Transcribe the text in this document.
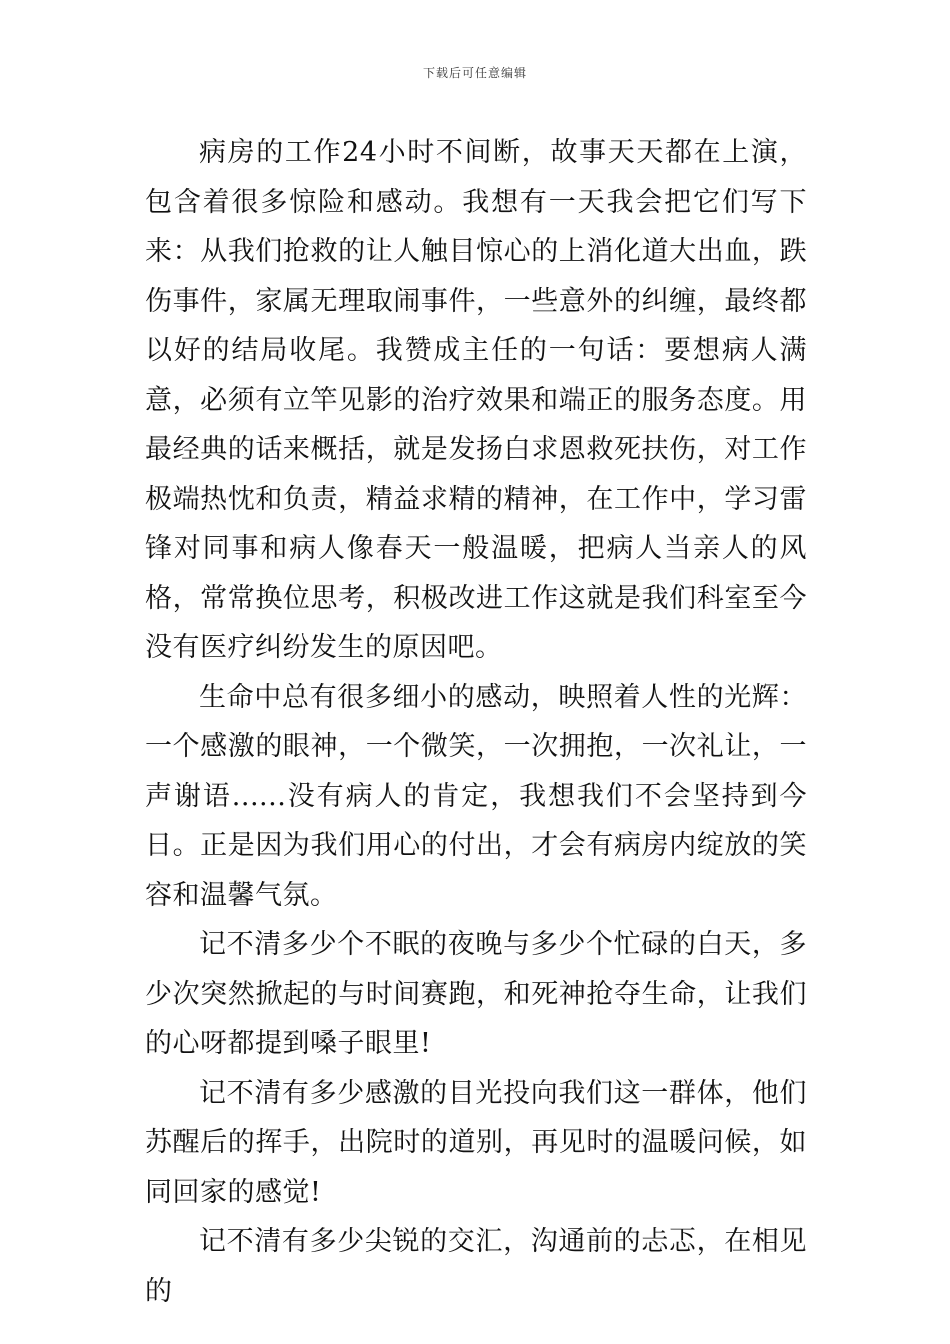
下载后可任意编辑

病房的工作24小时不间断，故事天天都在上演，包含着很多惊险和感动。我想有一天我会把它们写下来：从我们抢救的让人触目惊心的上消化道大出血，跌伤事件，家属无理取闹事件，一些意外的纠缠，最终都以好的结局收尾。我赞成主任的一句话：要想病人满意，必须有立竿见影的治疗效果和端正的服务态度。用最经典的话来概括，就是发扬白求恩救死扶伤，对工作极端热忱和负责，精益求精的精神，在工作中，学习雷锋对同事和病人像春天一般温暖，把病人当亲人的风格，常常换位思考，积极改进工作这就是我们科室至今没有医疗纠纷发生的原因吧。

生命中总有很多细小的感动，映照着人性的光辉：一个感激的眼神，一个微笑，一次拥抱，一次礼让，一声谢语......没有病人的肯定，我想我们不会坚持到今日。正是因为我们用心的付出，才会有病房内绽放的笑容和温馨气氛。

记不清多少个不眠的夜晚与多少个忙碌的白天，多少次突然掀起的与时间赛跑，和死神抢夺生命，让我们的心呀都提到嗓子眼里!

记不清有多少感激的目光投向我们这一群体，他们苏醒后的挥手，出院时的道别，再见时的温暖问候，如同回家的感觉!

记不清有多少尖锐的交汇，沟通前的忐忑，在相见的
